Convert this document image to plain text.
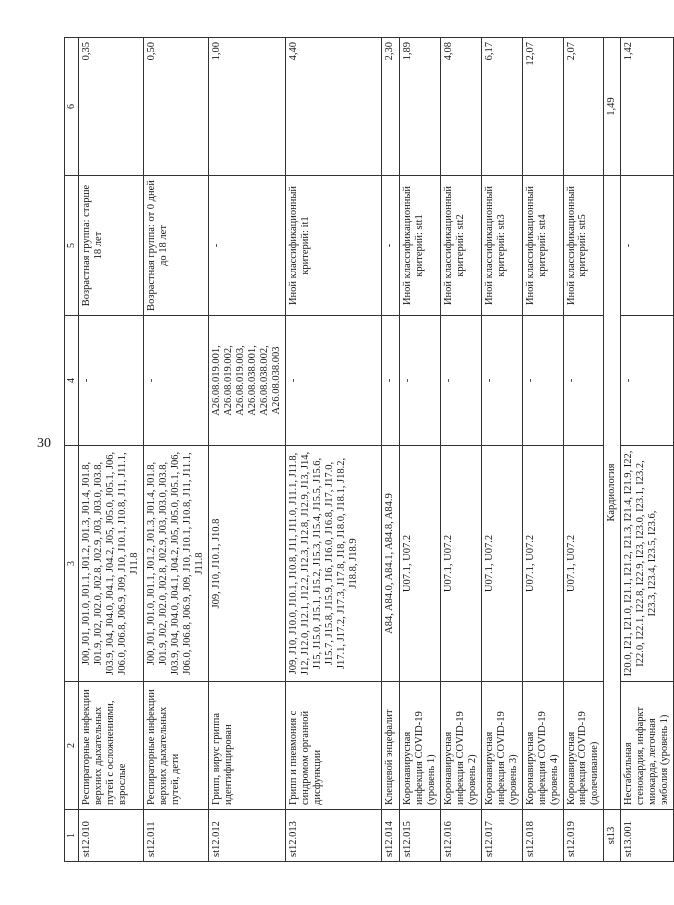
30
1	2	3	4	5	6
st12.010	Респираторные инфекции верхних дыхательных путей с осложнениями, взрослые	J00, J01, J01.0, J01.1, J01.2, J01.3, J01.4, J01.8, J01.9, J02, J02.0, J02.8, J02.9, J03, J03.0, J03.8, J03.9, J04, J04.0, J04.1, J04.2, J05, J05.0, J05.1, J06, J06.0, J06.8, J06.9, J09, J10, J10.1, J10.8, J11, J11.1, J11.8	-	Возрастная группа: старше 18 лет	0,35
st12.011	Респираторные инфекции верхних дыхательных путей, дети	J00, J01, J01.0, J01.1, J01.2, J01.3, J01.4, J01.8, J01.9, J02, J02.0, J02.8, J02.9, J03, J03.0, J03.8, J03.9, J04, J04.0, J04.1, J04.2, J05, J05.0, J05.1, J06, J06.0, J06.8, J06.9, J09, J10, J10.1, J10.8, J11, J11.1, J11.8	-	Возрастная группа: от 0 дней до 18 лет	0,50
st12.012	Грипп, вирус гриппа идентифицирован	J09, J10, J10.1, J10.8	A26.08.019.001, A26.08.019.002, A26.08.019.003, A26.08.038.001, A26.08.038.002, A26.08.038.003	-	1,00
st12.013	Грипп и пневмония с синдромом органной дисфункции	J09, J10, J10.0, J10.1, J10.8, J11, J11.0, J11.1, J11.8, J12, J12.0, J12.1, J12.2, J12.3, J12.8, J12.9, J13, J14, J15, J15.0, J15.1, J15.2, J15.3, J15.4, J15.5, J15.6, J15.7, J15.8, J15.9, J16, J16.0, J16.8, J17, J17.0, J17.1, J17.2, J17.3, J17.8, J18, J18.0, J18.1, J18.2, J18.8, J18.9	-	Иной классификационный критерий: it1	4,40
st12.014	Клещевой энцефалит	A84, A84.0, A84.1, A84.8, A84.9	-	-	2,30
st12.015	Коронавирусная инфекция COVID-19 (уровень 1)	U07.1, U07.2	-	Иной классификационный критерий: stt1	1,89
st12.016	Коронавирусная инфекция COVID-19 (уровень 2)	U07.1, U07.2	-	Иной классификационный критерий: stt2	4,08
st12.017	Коронавирусная инфекция COVID-19 (уровень 3)	U07.1, U07.2	-	Иной классификационный критерий: stt3	6,17
st12.018	Коронавирусная инфекция COVID-19 (уровень 4)	U07.1, U07.2	-	Иной классификационный критерий: stt4	12,07
st12.019	Коронавирусная инфекция COVID-19 (долечивание)	U07.1, U07.2	-	Иной классификационный критерий: stt5	2,07
st13	Кардиология				1,49
st13.001	Нестабильная стенокардия, инфаркт миокарда, легочная эмболия (уровень 1)	I20.0, I21, I21.0, I21.1, I21.2, I21.3, I21.4, I21.9, I22, I22.0, I22.1, I22.8, I22.9, I23, I23.0, I23.1, I23.2, I23.3, I23.4, I23.5, I23.6,	-	-	1,42
